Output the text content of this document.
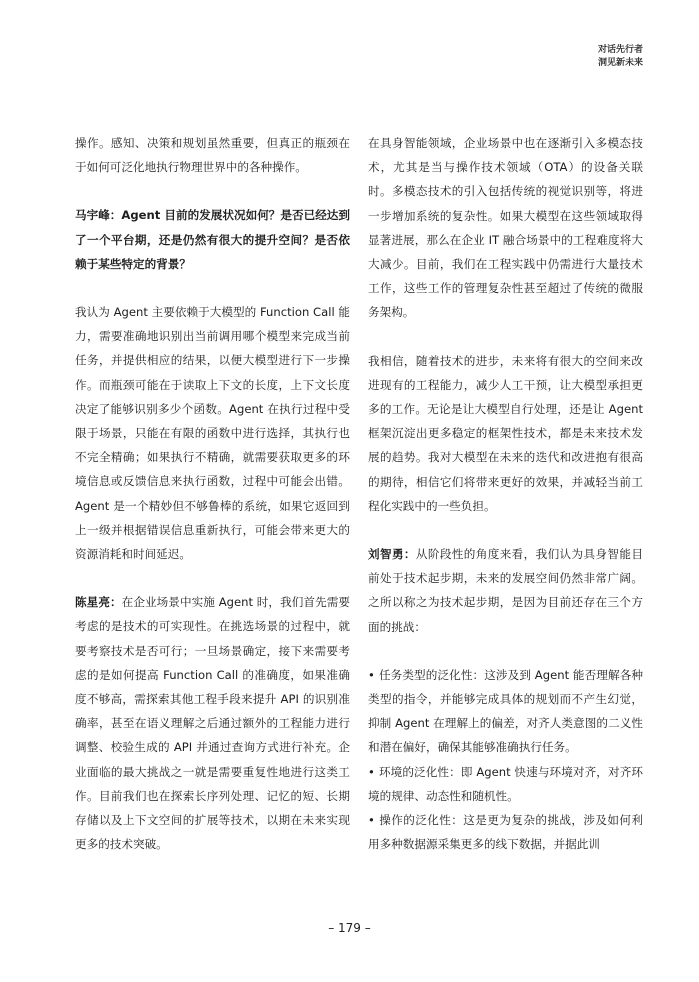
对话先行者
洞见新未来

操作。感知、决策和规划虽然重要，但真正的瓶颈在于如何可泛化地执行物理世界中的各种操作。

马宇峰：Agent 目前的发展状况如何？是否已经达到了一个平台期，还是仍然有很大的提升空间？是否依赖于某些特定的背景？

我认为 Agent 主要依赖于大模型的 Function Call 能力，需要准确地识别出当前调用哪个模型来完成当前任务，并提供相应的结果，以便大模型进行下一步操作。而瓶颈可能在于读取上下文的长度，上下文长度决定了能够识别多少个函数。Agent 在执行过程中受限于场景，只能在有限的函数中进行选择，其执行也不完全精确；如果执行不精确，就需要获取更多的环境信息或反馈信息来执行函数，过程中可能会出错。Agent 是一个精妙但不够鲁棒的系统，如果它返回到上一级并根据错误信息重新执行，可能会带来更大的资源消耗和时间延迟。

陈星亮：在企业场景中实施 Agent 时，我们首先需要考虑的是技术的可实现性。在挑选场景的过程中，就要考察技术是否可行；一旦场景确定，接下来需要考虑的是如何提高 Function Call 的准确度，如果准确度不够高，需探索其他工程手段来提升 API 的识别准确率，甚至在语义理解之后通过额外的工程能力进行调整、校验生成的 API 并通过查询方式进行补充。企业面临的最大挑战之一就是需要重复性地进行这类工作。目前我们也在探索长序列处理、记忆的短、长期存储以及上下文空间的扩展等技术，以期在未来实现更多的技术突破。

在具身智能领域，企业场景中也在逐渐引入多模态技术，尤其是当与操作技术领域（OTA）的设备关联时。多模态技术的引入包括传统的视觉识别等，将进一步增加系统的复杂性。如果大模型在这些领域取得显著进展，那么在企业 IT 融合场景中的工程难度将大大减少。目前，我们在工程实践中仍需进行大量技术工作，这些工作的管理复杂性甚至超过了传统的微服务架构。

我相信，随着技术的进步，未来将有很大的空间来改进现有的工程能力，减少人工干预，让大模型承担更多的工作。无论是让大模型自行处理，还是让 Agent 框架沉淀出更多稳定的框架性技术，都是未来技术发展的趋势。我对大模型在未来的迭代和改进抱有很高的期待，相信它们将带来更好的效果，并减轻当前工程化实践中的一些负担。

刘智勇：从阶段性的角度来看，我们认为具身智能目前处于技术起步期，未来的发展空间仍然非常广阔。之所以称之为技术起步期，是因为目前还存在三个方面的挑战：

• 任务类型的泛化性：这涉及到 Agent 能否理解各种类型的指令，并能够完成具体的规划而不产生幻觉，抑制 Agent 在理解上的偏差，对齐人类意图的二义性和潜在偏好，确保其能够准确执行任务。
• 环境的泛化性：即 Agent 快速与环境对齐，对齐环境的规律、动态性和随机性。
• 操作的泛化性：这是更为复杂的挑战，涉及如何利用多种数据源采集更多的线下数据，并据此训
– 179 –
